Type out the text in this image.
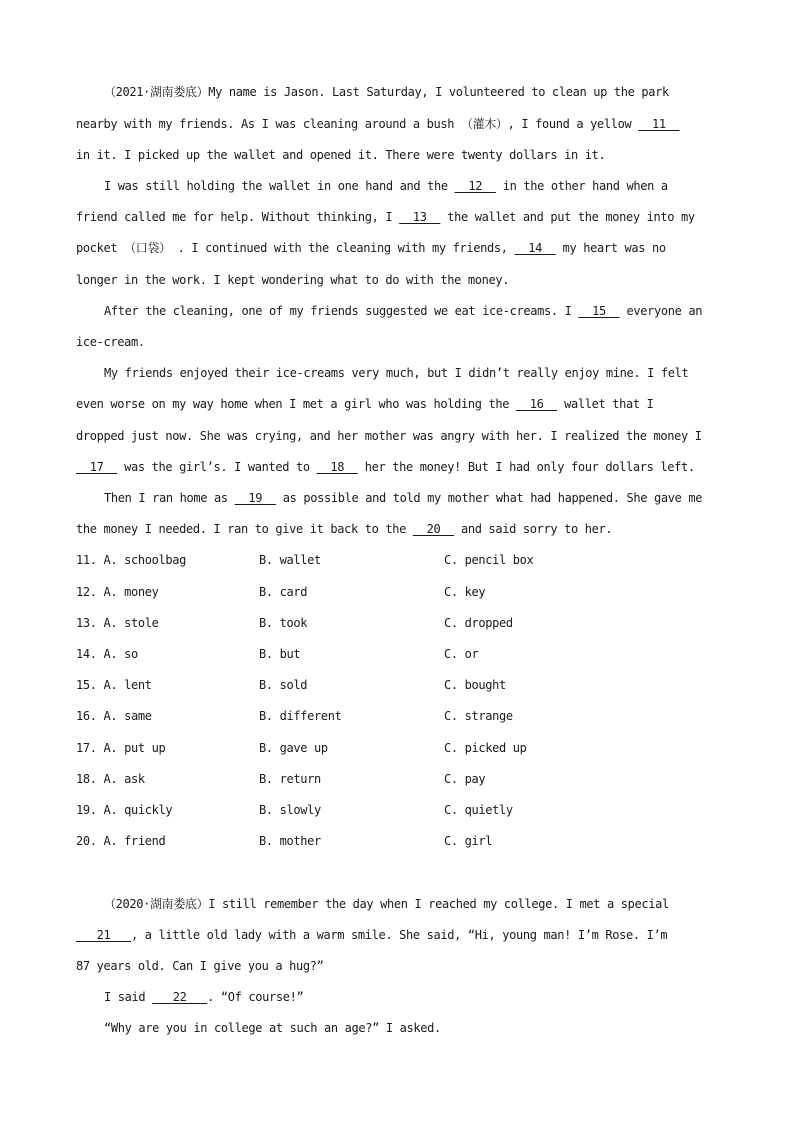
（2021·湖南娄底）My name is Jason. Last Saturday, I volunteered to clean up the park
nearby with my friends. As I was cleaning around a bush （灌木）, I found a yellow   11
in it. I picked up the wallet and opened it. There were twenty dollars in it.
I was still holding the wallet in one hand and the   12   in the other hand when a
friend called me for help. Without thinking, I   13   the wallet and put the money into my
pocket （口袋） . I continued with the cleaning with my friends,   14   my heart was no
longer in the work. I kept wondering what to do with the money.
After the cleaning, one of my friends suggested we eat ice-creams. I   15   everyone an
ice-cream.
My friends enjoyed their ice-creams very much, but I didn’t really enjoy mine. I felt
even worse on my way home when I met a girl who was holding the   16   wallet that I
dropped just now. She was crying, and her mother was angry with her. I realized the money I
17   was the girl’s. I wanted to   18   her the money! But I had only four dollars left.
Then I ran home as   19   as possible and told my mother what had happened. She gave me
the money I needed. I ran to give it back to the   20   and said sorry to her.
11. A. schoolbag	B. wallet	C. pencil box
12. A. money	B. card	C. key
13. A. stole	B. took	C. dropped
14. A. so	B. but	C. or
15. A. lent	B. sold	C. bought
16. A. same	B. different	C. strange
17. A. put up	B. gave up	C. picked up
18. A. ask	B. return	C. pay
19. A. quickly	B. slowly	C. quietly
20. A. friend	B. mother	C. girl
（2020·湖南娄底）I still remember the day when I reached my college. I met a special
21   , a little old lady with a warm smile. She said, “Hi, young man! I’m Rose. I’m
87 years old. Can I give you a hug?”
I said    22   . “Of course!”
“Why are you in college at such an age?” I asked.
